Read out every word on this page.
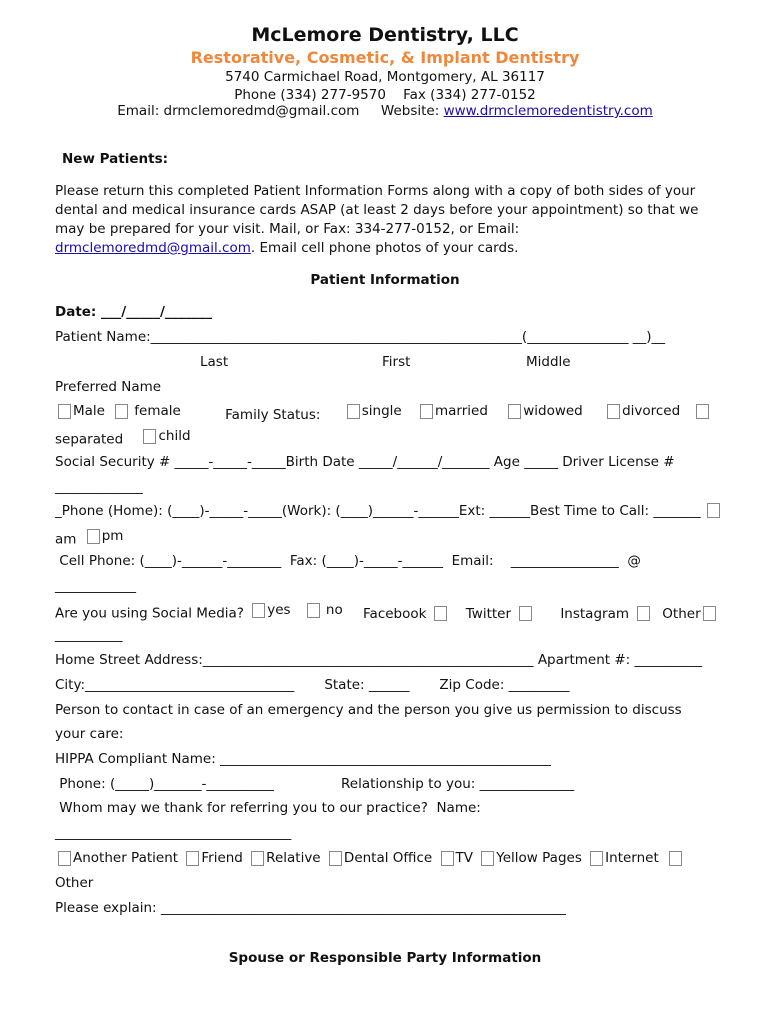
McLemore Dentistry, LLC
Restorative, Cosmetic, & Implant Dentistry
5740 Carmichael Road, Montgomery, AL 36117
Phone (334) 277-9570    Fax (334) 277-0152
Email: drmclemoredmd@gmail.com Website: www.drmclemoredentistry.com
New Patients:
Please return this completed Patient Information Forms along with a copy of both sides of your
dental and medical insurance cards ASAP (at least 2 days before your appointment) so that we
may be prepared for your visit. Mail, or Fax: 334-277-0152, or Email:
drmclemoredmd@gmail.com. Email cell phone photos of your cards.
Patient Information
Date: ___/_____/_______
Patient Name:_______________________________________________________(_______________ __)__
Last	First	Middle
Preferred Name
Male
female	Family Status:	single
married
	widowed
	divorced

separated	child
Social Security # _____-_____-_____Birth Date _____/______/_______ Age _____ Driver License #
_____________
_Phone (Home): (____)-_____-_____(Work): (____)______-______Ext: ______Best Time to Call: _______
am pm
Cell Phone: (____)-______-________  Fax: (____)-_____-______  Email:    ________________  @
____________
Are you using Social Media? yes
	no
Facebook
	Twitter
	Instagram
Other
__________
Home Street Address:_________________________________________________ Apartment #: __________
City:_______________________________       State: ______       Zip Code: _________
Person to contact in case of an emergency and the person you give us permission to discuss
your care:
HIPPA Compliant Name: _________________________________________________
Phone: (_____)_______-__________	Relationship to you: ______________
Whom may we thank for referring you to our practice?  Name:
___________________________________
Another Patient
Friend
Relative
Dental Office
TV
Yellow Pages
Internet

Other
Please explain: ____________________________________________________________
Spouse or Responsible Party Information
